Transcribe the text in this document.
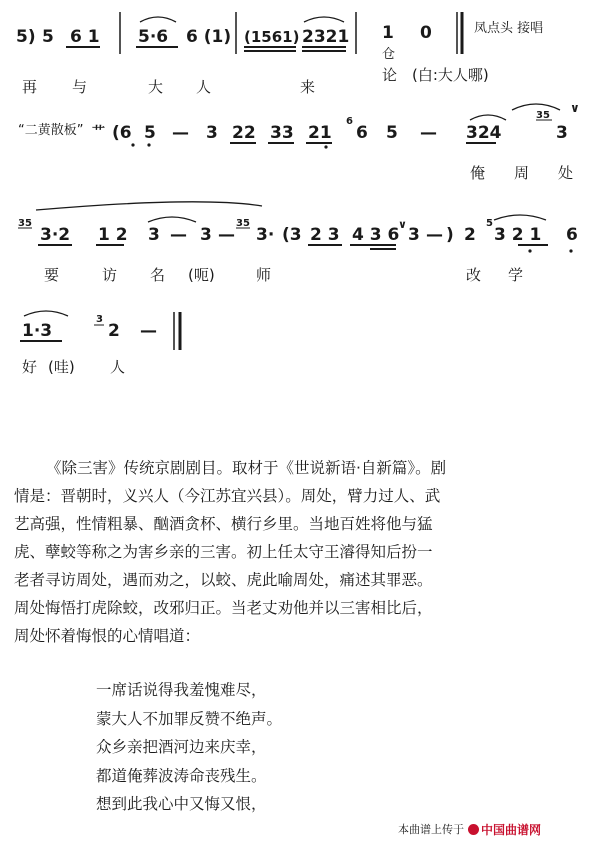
5) 5 6 1 5·6 6 (1) (1561) 2321 1
仓
0	凤点头 接唱
再 与	大 人	来
论 (白:大人哪)
“二黄散板” 艹 (6 5 — 3 22 33 21
6
6 5 — 324
35
3
∨
俺 周 处
35
3·2 1 2 3 — 3 —
35
3· (3 2 3 4 3 6
∨
3 — ) 2
5
3 2 1 6
要	访 名 (呃)	师	改 学
1·3
3
2 —
好 (哇) 人

《除三害》传统京剧剧目。取材于《世说新语·自新篇》。剧

情是：晋朝时，义兴人（今江苏宜兴县）。周处，臂力过人、武

艺高强，性情粗暴、酗酒贪杯、横行乡里。当地百姓将他与猛

虎、孽蛟等称之为害乡亲的三害。初上任太守王濬得知后扮一

老者寻访周处，遇而劝之，以蛟、虎此喻周处，痛述其罪恶。

周处悔悟打虎除蛟，改邪归正。当老丈劝他并以三害相比后，

周处怀着悔恨的心情唱道：

一席话说得我羞愧难尽，
蒙大人不加罪反赞不绝声。
众乡亲把酒河边来庆幸，
都道俺葬波涛命丧残生。
想到此我心中又悔又恨，
本曲谱上传于 中国曲谱网
